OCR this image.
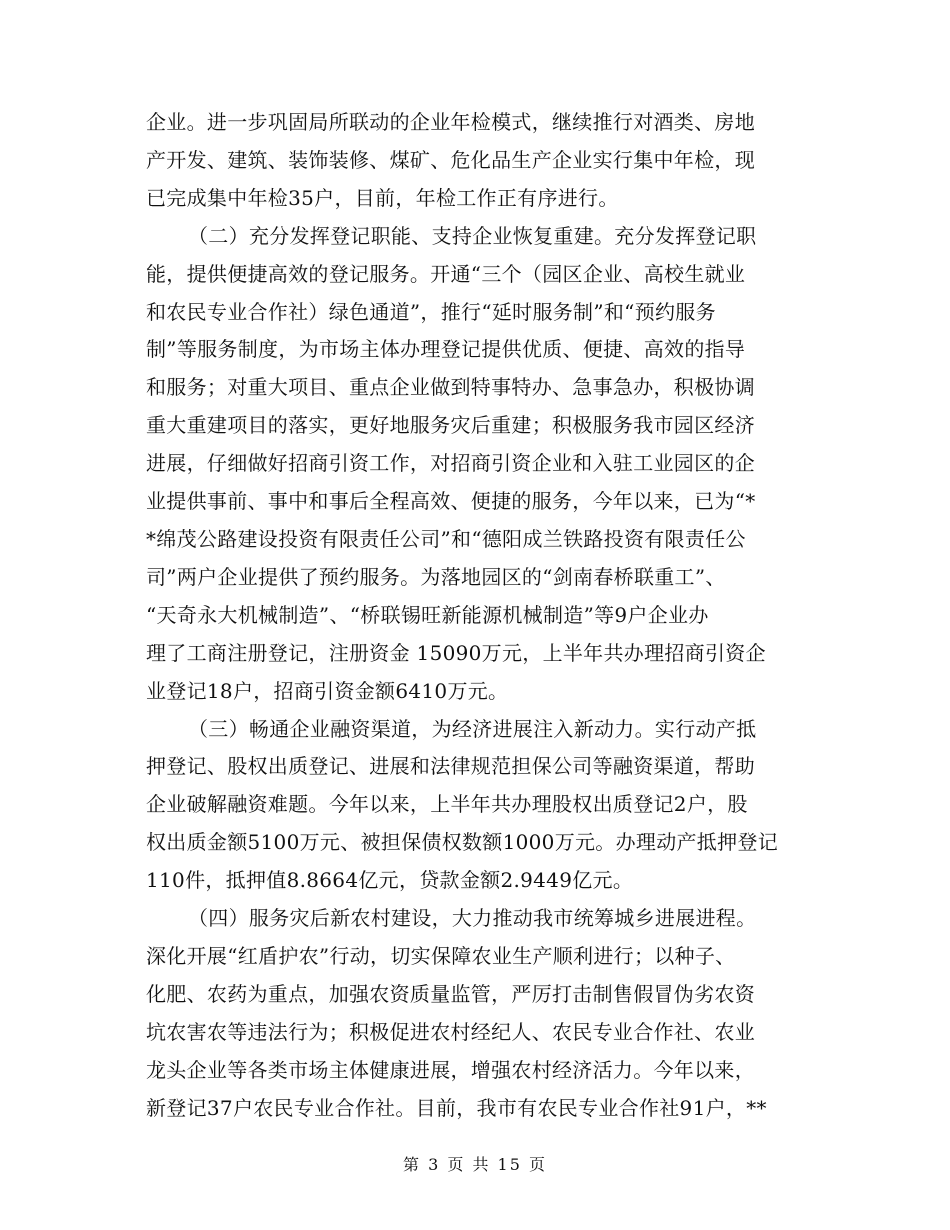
企业。进一步巩固局所联动的企业年检模式，继续推行对酒类、房地
产开发、建筑、装饰装修、煤矿、危化品生产企业实行集中年检，现
已完成集中年检35户，目前，年检工作正有序进行。
（二）充分发挥登记职能、支持企业恢复重建。充分发挥登记职
能，提供便捷高效的登记服务。开通“三个（园区企业、高校生就业
和农民专业合作社）绿色通道”，推行“延时服务制”和“预约服务
制”等服务制度，为市场主体办理登记提供优质、便捷、高效的指导
和服务；对重大项目、重点企业做到特事特办、急事急办，积极协调
重大重建项目的落实，更好地服务灾后重建；积极服务我市园区经济
进展，仔细做好招商引资工作，对招商引资企业和入驻工业园区的企
业提供事前、事中和事后全程高效、便捷的服务，今年以来，已为“*
*绵茂公路建设投资有限责任公司”和“德阳成兰铁路投资有限责任公
司”两户企业提供了预约服务。为落地园区的“剑南春桥联重工”、
“天奇永大机械制造”、“桥联锡旺新能源机械制造”等9户企业办
理了工商注册登记，注册资金 15090万元，上半年共办理招商引资企
业登记18户，招商引资金额6410万元。
（三）畅通企业融资渠道，为经济进展注入新动力。实行动产抵
押登记、股权出质登记、进展和法律规范担保公司等融资渠道，帮助
企业破解融资难题。今年以来，上半年共办理股权出质登记2户，股
权出质金额5100万元、被担保债权数额1000万元。办理动产抵押登记
110件，抵押值8.8664亿元，贷款金额2.9449亿元。
（四）服务灾后新农村建设，大力推动我市统筹城乡进展进程。
深化开展“红盾护农”行动，切实保障农业生产顺利进行；以种子、
化肥、农药为重点，加强农资质量监管，严厉打击制售假冒伪劣农资
坑农害农等违法行为；积极促进农村经纪人、农民专业合作社、农业
龙头企业等各类市场主体健康进展，增强农村经济活力。今年以来，
新登记37户农民专业合作社。目前，我市有农民专业合作社91户，**
第 3 页 共 15 页
